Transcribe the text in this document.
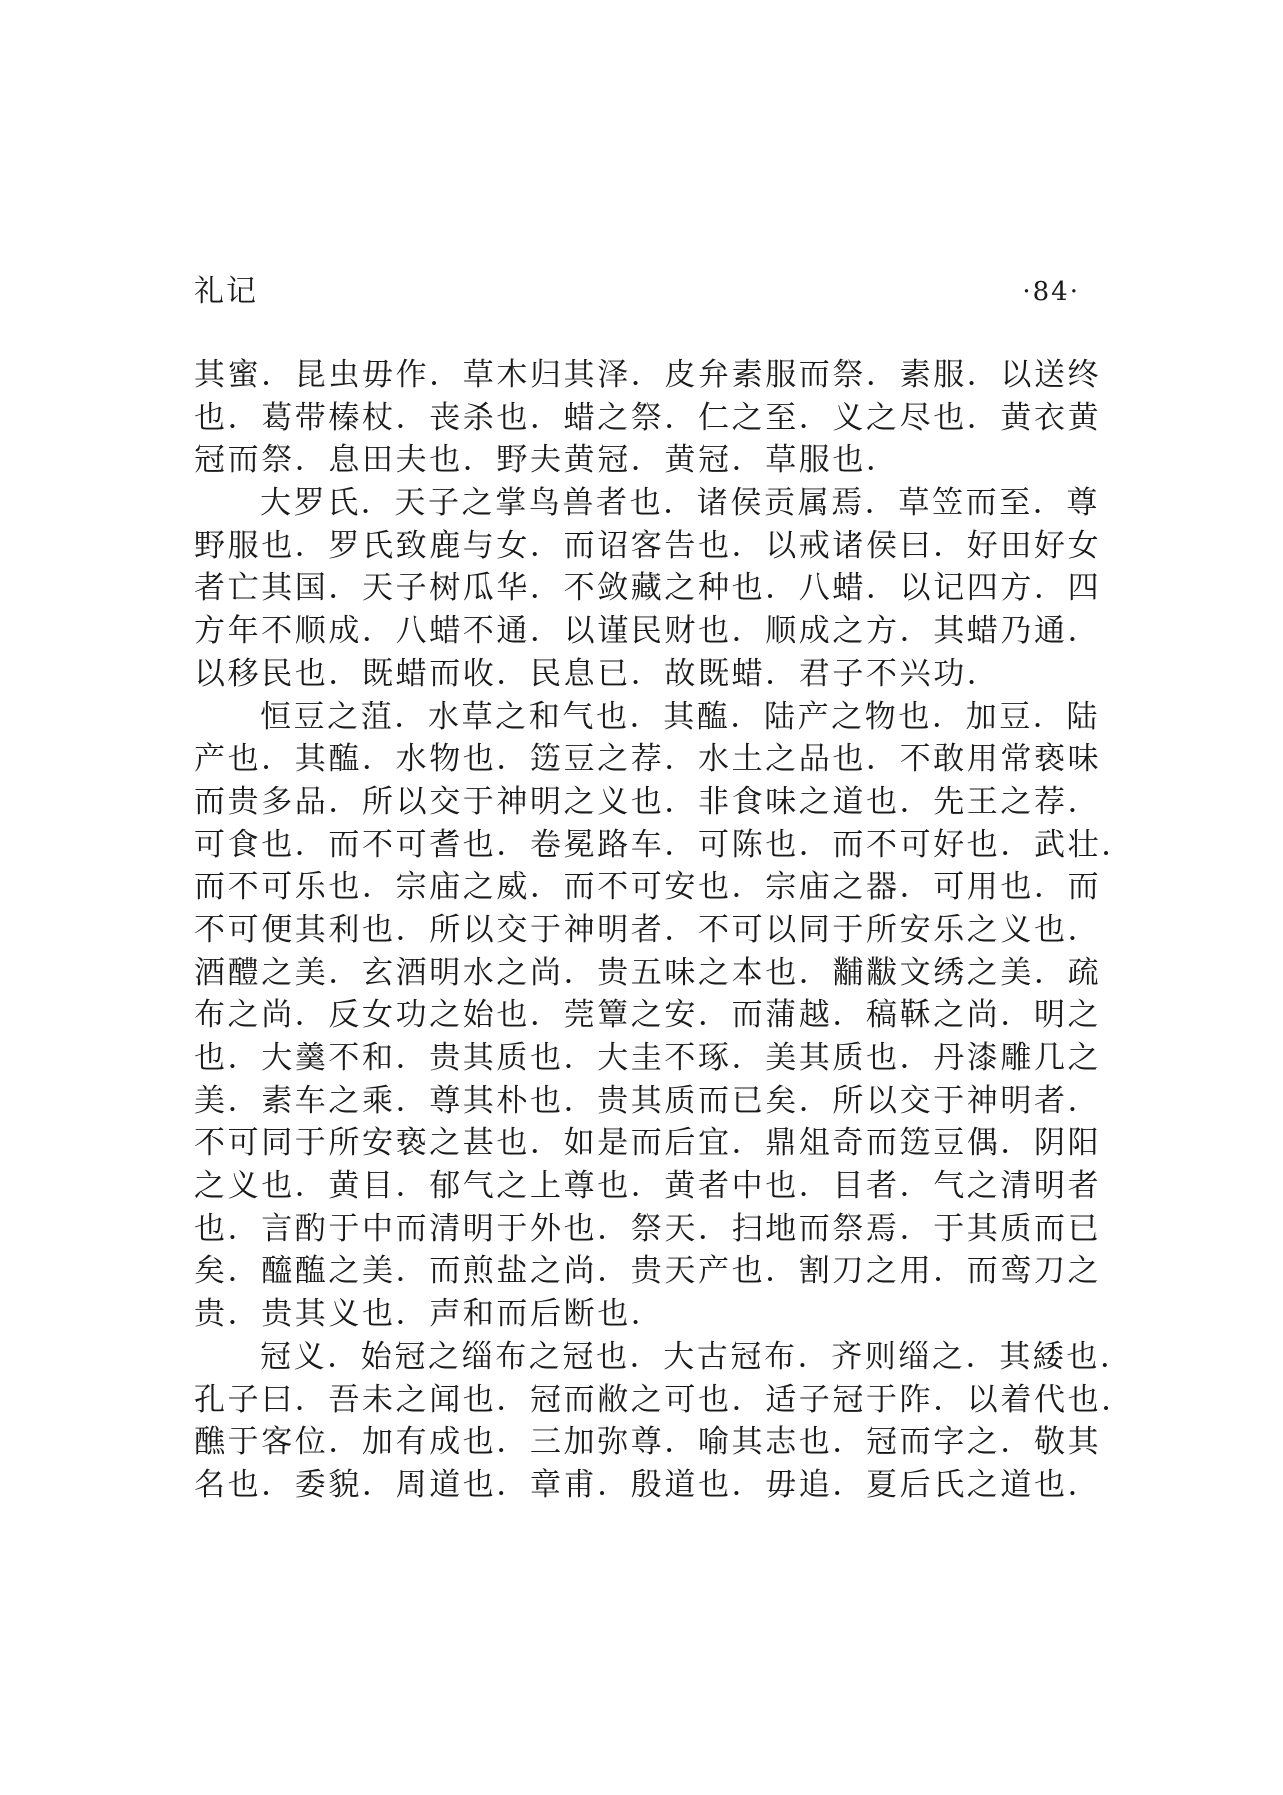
礼记	·84·
其蜜．昆虫毋作．草木归其泽．皮弁素服而祭．素服．以送终
也．葛带榛杖．丧杀也．蜡之祭．仁之至．义之尽也．黄衣黄
冠而祭．息田夫也．野夫黄冠．黄冠．草服也．
大罗氏．天子之掌鸟兽者也．诸侯贡属焉．草笠而至．尊
野服也．罗氏致鹿与女．而诏客告也．以戒诸侯曰．好田好女
者亡其国．天子树瓜华．不敛藏之种也．八蜡．以记四方．四
方年不顺成．八蜡不通．以谨民财也．顺成之方．其蜡乃通．
以移民也．既蜡而收．民息已．故既蜡．君子不兴功．
恒豆之菹．水草之和气也．其醢．陆产之物也．加豆．陆
产也．其醢．水物也．笾豆之荐．水土之品也．不敢用常亵味
而贵多品．所以交于神明之义也．非食味之道也．先王之荐．
可食也．而不可耆也．卷冕路车．可陈也．而不可好也．武壮．
而不可乐也．宗庙之威．而不可安也．宗庙之器．可用也．而
不可便其利也．所以交于神明者．不可以同于所安乐之义也．
酒醴之美．玄酒明水之尚．贵五味之本也．黼黻文绣之美．疏
布之尚．反女功之始也．莞簟之安．而蒲越．稿鞂之尚．明之
也．大羹不和．贵其质也．大圭不琢．美其质也．丹漆雕几之
美．素车之乘．尊其朴也．贵其质而已矣．所以交于神明者．
不可同于所安亵之甚也．如是而后宜．鼎俎奇而笾豆偶．阴阳
之义也．黄目．郁气之上尊也．黄者中也．目者．气之清明者
也．言酌于中而清明于外也．祭天．扫地而祭焉．于其质而已
矣．醯醢之美．而煎盐之尚．贵天产也．割刀之用．而鸾刀之
贵．贵其义也．声和而后断也．
冠义．始冠之缁布之冠也．大古冠布．齐则缁之．其緌也．
孔子曰．吾未之闻也．冠而敝之可也．适子冠于阼．以着代也．
醮于客位．加有成也．三加弥尊．喻其志也．冠而字之．敬其
名也．委貌．周道也．章甫．殷道也．毋追．夏后氏之道也．
